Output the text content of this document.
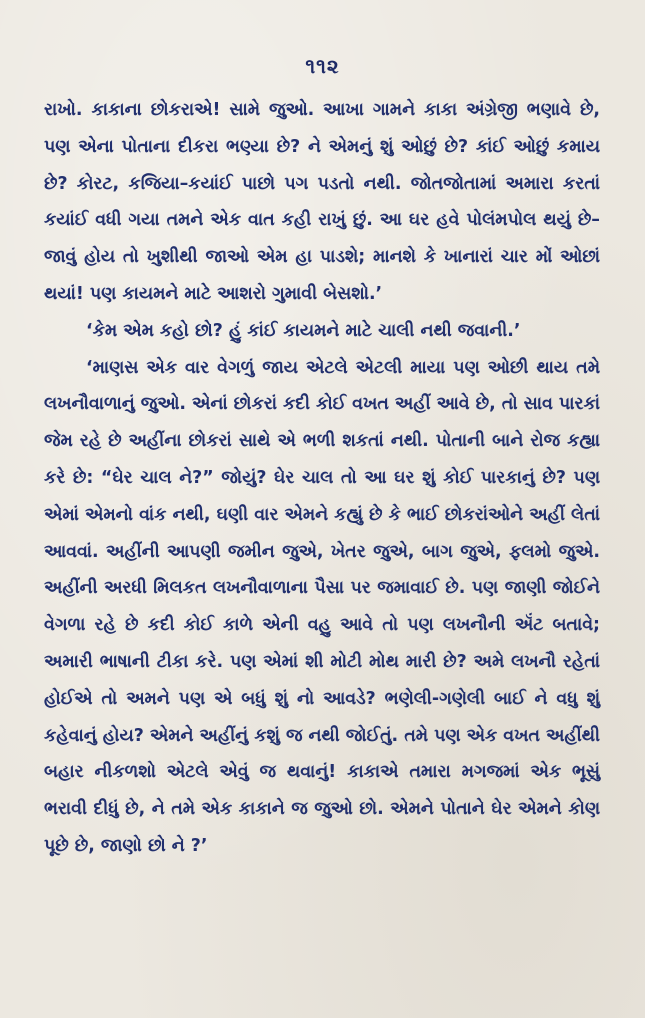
૧૧૨

રાખો. કાકાના છોકરાએ! સામે જુઓ. આખા ગામને કાકા અંગ્રેજી ભણાવે છે, પણ એના પોતાના દીકરા ભણ્યા છે? ને એમનું શું ઓછું છે? કાંઈ ઓછું કમાય છે? કોરટ, કજિયા–કયાંઈ પાછો પગ પડતો નથી. જોતજોતામાં અમારા કરતાં કયાંઈ વધી ગયા તમને એક વાત કહી રાખું છું. આ ઘર હવે પોલંમપોલ થયું છે–જાવું હોય તો ખુશીથી જાઓ એમ હા પાડશે; માનશે કે ખાનારાં ચાર મોં ઓછાં થયાં! પણ કાયમને માટે આશરો ગુમાવી બેસશો.’

‘કેમ એમ કહો છો? હું કાંઈ કાયમને માટે ચાલી નથી જવાની.’

‘માણસ એક વાર વેગળું જાય એટલે એટલી માયા પણ ઓછી થાય તમે લખનૌવાળાનું જુઓ. એનાં છોકરાં કદી કોઈ વખત અહીં આવે છે, તો સાવ પારકાં જેમ રહે છે અહીંના છોકરાં સાથે એ ભળી શકતાં નથી. પોતાની બાને રોજ કહ્યા કરે છે: “ઘેર ચાલ ને?” જોયું? ઘેર ચાલ તો આ ઘર શું કોઈ પારકાનું છે? પણ એમાં એમનો વાંક નથી, ઘણી વાર એમને કહ્યું છે કે ભાઈ છોકરાંઓને અહીં લેતાં આવવાં. અહીંની આપણી જમીન જુએ, ખેતર જુએ, બાગ જુએ, ફલમો જુએ. અહીંની અરધી મિલકત લખનૌવાળાના પૈસા પર જમાવાઈ છે. પણ જાણી જોઈને વેગળા રહે છે કદી કોઈ કાળે એની વહુ આવે તો પણ લખનૌની ઍંટ બતાવે; અમારી ભાષાની ટીકા કરે. પણ એમાં શી મોટી મોથ મારી છે? અમે લખનૌ રહેતાં હોઈએ તો અમને પણ એ બધું શું નો આવડે? ભણેલી-ગણેલી બાઈ ને વધુ શું કહેવાનું હોય? એમને અહીંનું કશું જ નથી જોઈતું. તમે પણ એક વખત અહીંથી બહાર નીકળશો એટલે એવું જ થવાનું! કાકાએ તમારા મગજમાં એક ભૂસું ભરાવી દીધું છે, ને તમે એક કાકાને જ જુઓ છો. એમને પોતાને ઘેર એમને કોણ પૂછે છે, જાણો છો ને ?’
